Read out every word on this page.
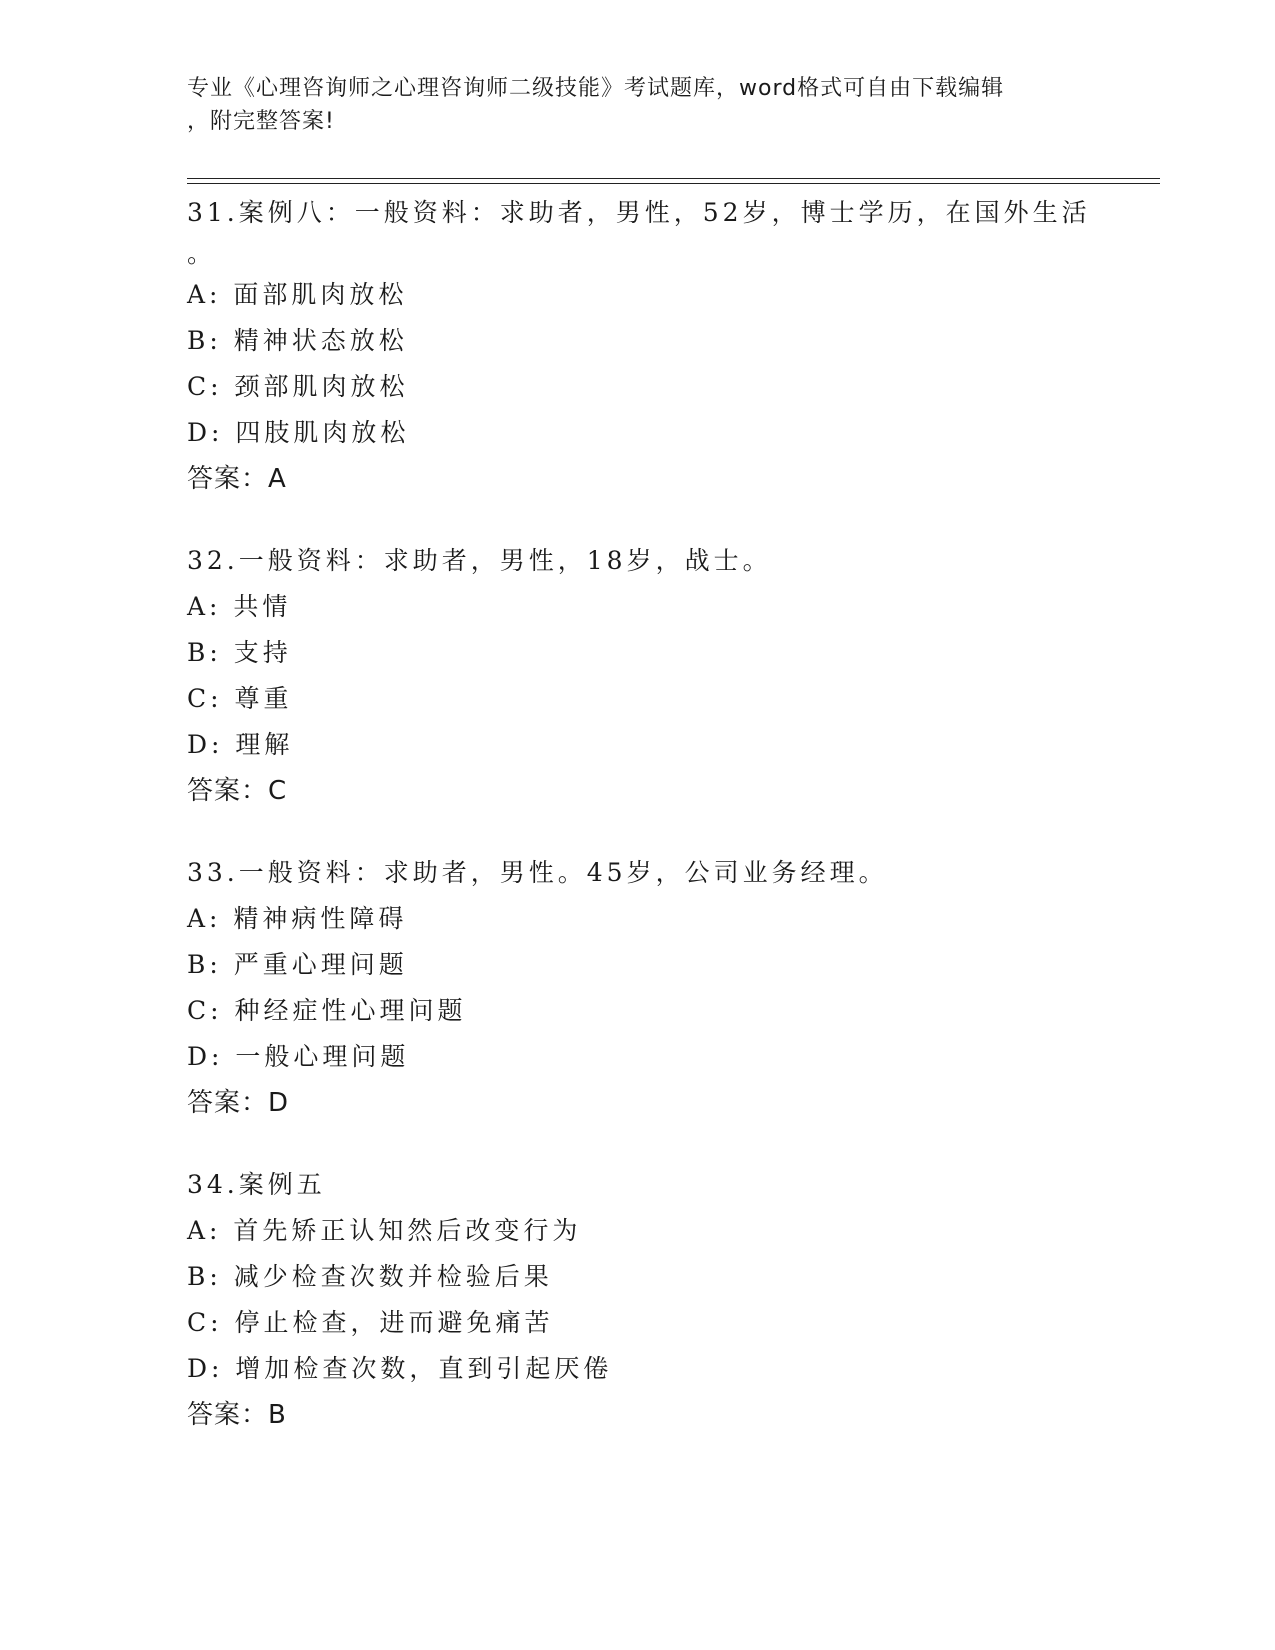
专业《心理咨询师之心理咨询师二级技能》考试题库，word格式可自由下载编辑
，附完整答案!
31.案例八：一般资料：求助者，男性，52岁，博士学历，在国外生活
。
A: 面部肌肉放松
B: 精神状态放松
C: 颈部肌肉放松
D: 四肢肌肉放松
答案：A
32.一般资料：求助者，男性，18岁，战士。
A: 共情
B: 支持
C: 尊重
D: 理解
答案：C
33.一般资料：求助者，男性。45岁，公司业务经理。
A: 精神病性障碍
B: 严重心理问题
C: 种经症性心理问题
D: 一般心理问题
答案：D
34.案例五
A: 首先矫正认知然后改变行为
B: 减少检查次数并检验后果
C: 停止检查，进而避免痛苦
D: 增加检查次数，直到引起厌倦
答案：B
